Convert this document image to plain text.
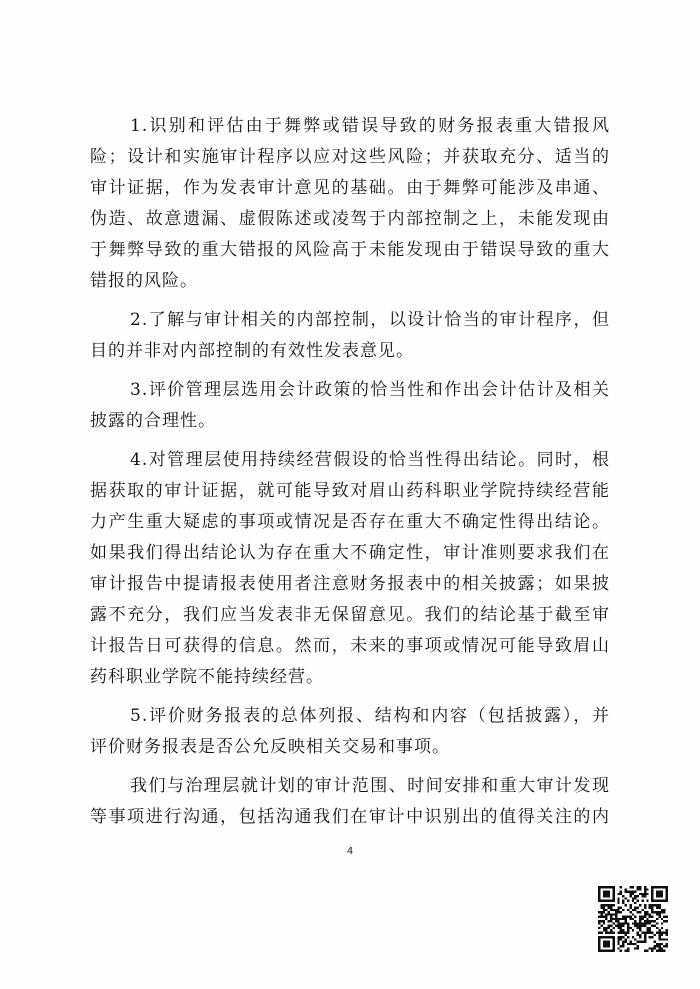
1.识别和评估由于舞弊或错误导致的财务报表重大错报风
险；设计和实施审计程序以应对这些风险；并获取充分、适当的
审计证据，作为发表审计意见的基础。由于舞弊可能涉及串通、
伪造、故意遗漏、虚假陈述或凌驾于内部控制之上，未能发现由
于舞弊导致的重大错报的风险高于未能发现由于错误导致的重大
错报的风险。
2.了解与审计相关的内部控制，以设计恰当的审计程序，但
目的并非对内部控制的有效性发表意见。
3.评价管理层选用会计政策的恰当性和作出会计估计及相关
披露的合理性。
4.对管理层使用持续经营假设的恰当性得出结论。同时，根
据获取的审计证据，就可能导致对眉山药科职业学院持续经营能
力产生重大疑虑的事项或情况是否存在重大不确定性得出结论。
如果我们得出结论认为存在重大不确定性，审计准则要求我们在
审计报告中提请报表使用者注意财务报表中的相关披露；如果披
露不充分，我们应当发表非无保留意见。我们的结论基于截至审
计报告日可获得的信息。然而，未来的事项或情况可能导致眉山
药科职业学院不能持续经营。
5.评价财务报表的总体列报、结构和内容（包括披露），并
评价财务报表是否公允反映相关交易和事项。
我们与治理层就计划的审计范围、时间安排和重大审计发现
等事项进行沟通，包括沟通我们在审计中识别出的值得关注的内
4
